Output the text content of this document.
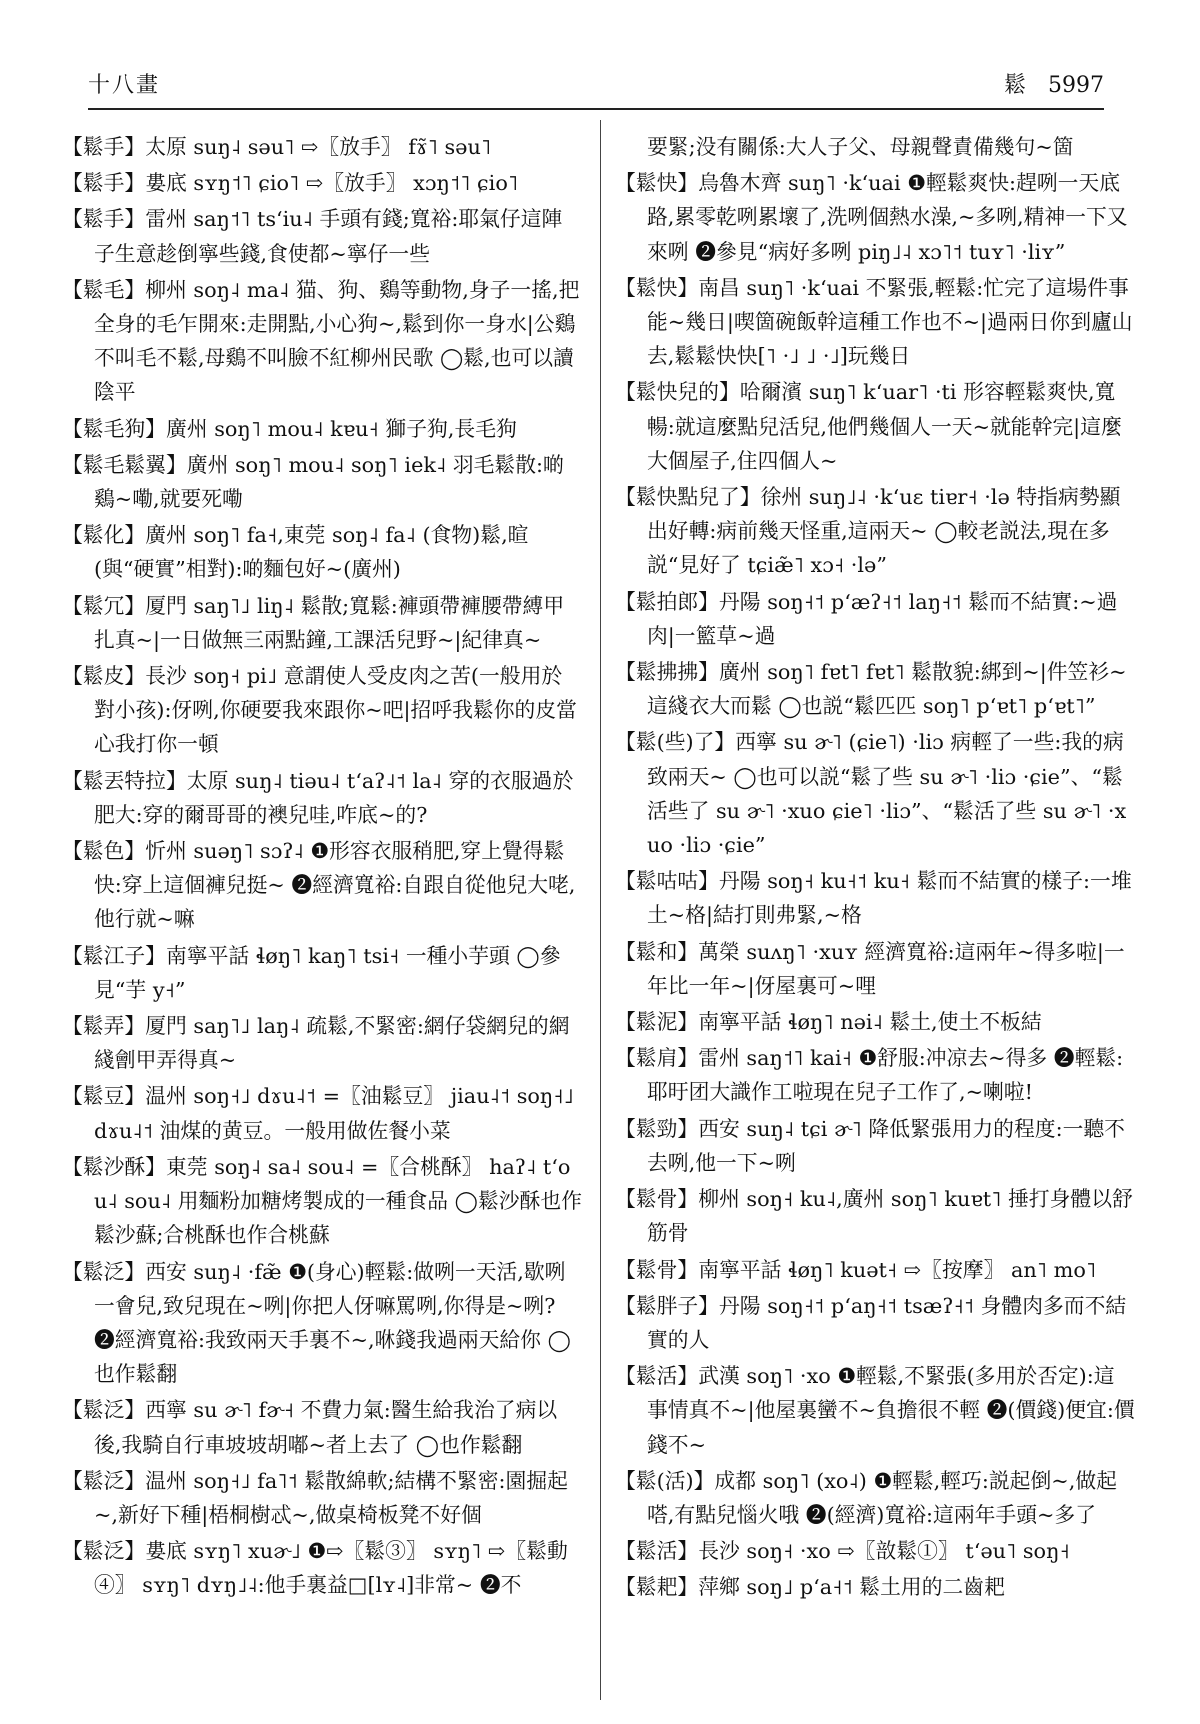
十八畫	鬆 5997

【鬆手】太原 suŋ˨ səu˥ ⇨〖放手〗 fɤ̃˥ səu˥

【鬆手】婁底 sʏŋ˦˥ ɕio˥ ⇨〖放手〗 xɔŋ˦˥ ɕio˥

【鬆手】雷州 saŋ˦˥ tsʻiu˨ 手頭有錢;寬裕:耶氣仔這陣子生意趁倒寧些錢,食使都~寧仔一些

【鬆毛】柳州 soŋ˨ ma˨ 猫、狗、鷄等動物,身子一搖,把全身的毛乍開來:走開點,小心狗~,鬆到你一身水|公鷄不叫毛不鬆,母鷄不叫臉不紅柳州民歌 ◯鬆,也可以讀陰平

【鬆毛狗】廣州 soŋ˥ mou˨ kɐu˧ 獅子狗,長毛狗

【鬆毛鬆翼】廣州 soŋ˥ mou˨ soŋ˥ iek˨ 羽毛鬆散:啲鷄~嘞,就要死嘞

【鬆化】廣州 soŋ˥ fa˧,東莞 soŋ˨ fa˨ (食物)鬆,暄(與“硬實”相對):啲麵包好~(廣州)

【鬆冗】厦門 saŋ˥˩ liŋ˨ 鬆散;寬鬆:褲頭帶褲腰帶縛甲扎真~|一日做無三兩點鐘,工課活兒野~|紀律真~

【鬆皮】長沙 soŋ˧ pi˩ 意謂使人受皮肉之苦(一般用於對小孩):伢咧,你硬要我來跟你~吧|招呼我鬆你的皮當心我打你一頓

【鬆丟特拉】太原 suŋ˨ tiəu˨ tʻaʔ˨˦ la˨ 穿的衣服過於肥大:穿的爾哥哥的襖兒哇,咋底~的?

【鬆色】忻州 suəŋ˥ sɔʔ˨ ❶形容衣服稍肥,穿上覺得鬆快:穿上這個褲兒挺~ ❷經濟寬裕:自跟自從他兒大咾,他行就~嘛

【鬆江子】南寧平話 ɬøŋ˥ kaŋ˥ tsi˧ 一種小芋頭 ◯參見“芋 y˧”

【鬆弄】厦門 saŋ˥˩ laŋ˨ 疏鬆,不緊密:網仔袋網兒的網綫劊甲弄得真~

【鬆豆】温州 soŋ˧˩ dɤu˨˦ =〖油鬆豆〗 jiau˨˦ soŋ˧˩ dɤu˨˦ 油煤的黄豆。一般用做佐餐小菜

【鬆沙酥】東莞 soŋ˨ sa˨ sou˨ =〖合桃酥〗 haʔ˨ tʻou˨ sou˨ 用麵粉加糖烤製成的一種食品 ◯鬆沙酥也作鬆沙蘇;合桃酥也作合桃蘇

【鬆泛】西安 suŋ˨ ·fæ̃ ❶(身心)輕鬆:做咧一天活,歇咧一會兒,致兒現在~咧|你把人伢嘛罵咧,你得是~咧? ❷經濟寬裕:我致兩天手裏不~,咻錢我過兩天給你 ◯也作鬆翻

【鬆泛】西寧 su ɚ˥ fɚ˧ 不費力氣:醫生給我治了病以後,我騎自行車坡坡胡嘟~者上去了 ◯也作鬆翻

【鬆泛】温州 soŋ˧˩ fa˥˦ 鬆散綿軟;結構不緊密:園掘起~,新好下種|梧桐樹忒~,做桌椅板凳不好個

【鬆泛】婁底 sʏŋ˥ xuɚ˩ ❶⇨〖鬆③〗 sʏŋ˥ ⇨〖鬆動④〗 sʏŋ˥ dʏŋ˩˨:他手裏益□[lʏ˨]非常~ ❷不

要緊;没有關係:大人子父、母親聲責備幾句~箇

【鬆快】烏魯木齊 suŋ˥ ·kʻuai ❶輕鬆爽快:趕咧一天底路,累零乾咧累壞了,洗咧個熱水澡,~多咧,精神一下又來咧 ❷參見“病好多咧 piŋ˩˨ xɔ˥˦ tuʏ˥ ·liʏ”

【鬆快】南昌 suŋ˥ ·kʻuai 不緊張,輕鬆:忙完了這場件事能~幾日|喫箇碗飯幹這種工作也不~|過兩日你到廬山去,鬆鬆快快[˥ ·˩ ˩ ·˩]玩幾日

【鬆快兒的】哈爾濱 suŋ˥ kʻuar˥ ·ti 形容輕鬆爽快,寬暢:就這麼點兒活兒,他們幾個人一天~就能幹完|這麼大個屋子,住四個人~

【鬆快點兒了】徐州 suŋ˩˨ ·kʻuɛ tiɐr˧ ·lə 特指病勢顯出好轉:病前幾天怪重,這兩天~ ◯較老説法,現在多説“見好了 tɕiæ̃˥ xɔ˧ ·lə”

【鬆拍郎】丹陽 soŋ˧˦ pʻæʔ˧˦ laŋ˧˦ 鬆而不結實:~過肉|一籃草~過

【鬆拂拂】廣州 soŋ˥ fɐt˥ fɐt˥ 鬆散貌:綁到~|件笠衫~這綫衣大而鬆 ◯也説“鬆匹匹 soŋ˥ pʻɐt˥ pʻɐt˥”

【鬆(些)了】西寧 su ɚ˥ (ɕie˥) ·liɔ 病輕了一些:我的病致兩天~ ◯也可以説“鬆了些 su ɚ˥ ·liɔ ·ɕie”、“鬆活些了 su ɚ˥ ·xuo ɕie˥ ·liɔ”、“鬆活了些 su ɚ˥ ·xuo ·liɔ ·ɕie”

【鬆咕咕】丹陽 soŋ˧ ku˧˦ ku˧ 鬆而不結實的樣子:一堆土~格|結打則弗緊,~格

【鬆和】萬榮 suʌŋ˥ ·xuʏ 經濟寬裕:這兩年~得多啦|一年比一年~|伢屋裏可~哩

【鬆泥】南寧平話 ɬøŋ˥ nəi˨ 鬆土,使土不板結

【鬆肩】雷州 saŋ˦˥ kai˧ ❶舒服:冲凉去~得多 ❷輕鬆:耶旴团大識作工啦現在兒子工作了,~喇啦!

【鬆勁】西安 suŋ˨ tɕi ɚ˥ 降低緊張用力的程度:一聽不去咧,他一下~咧

【鬆骨】柳州 soŋ˧ ku˨,廣州 soŋ˥ kuɐt˥ 捶打身體以舒筋骨

【鬆骨】南寧平話 ɬøŋ˥ kuət˧ ⇨〖按摩〗 an˥ mo˥

【鬆胖子】丹陽 soŋ˧˦ pʻaŋ˧˦ tsæʔ˧˦ 身體肉多而不結實的人

【鬆活】武漢 soŋ˥ ·xo ❶輕鬆,不緊張(多用於否定):這事情真不~|他屋裏蠻不~負擔很不輕 ❷(價錢)便宜:價錢不~

【鬆(活)】成都 soŋ˥ (xo˨) ❶輕鬆,輕巧:説起倒~,做起嗒,有點兒惱火哦 ❷(經濟)寬裕:這兩年手頭~多了

【鬆活】長沙 soŋ˧ ·xo ⇨〖敨鬆①〗 tʻəu˥ soŋ˧

【鬆耙】萍鄉 soŋ˩ pʻa˧˦ 鬆土用的二齒耙
